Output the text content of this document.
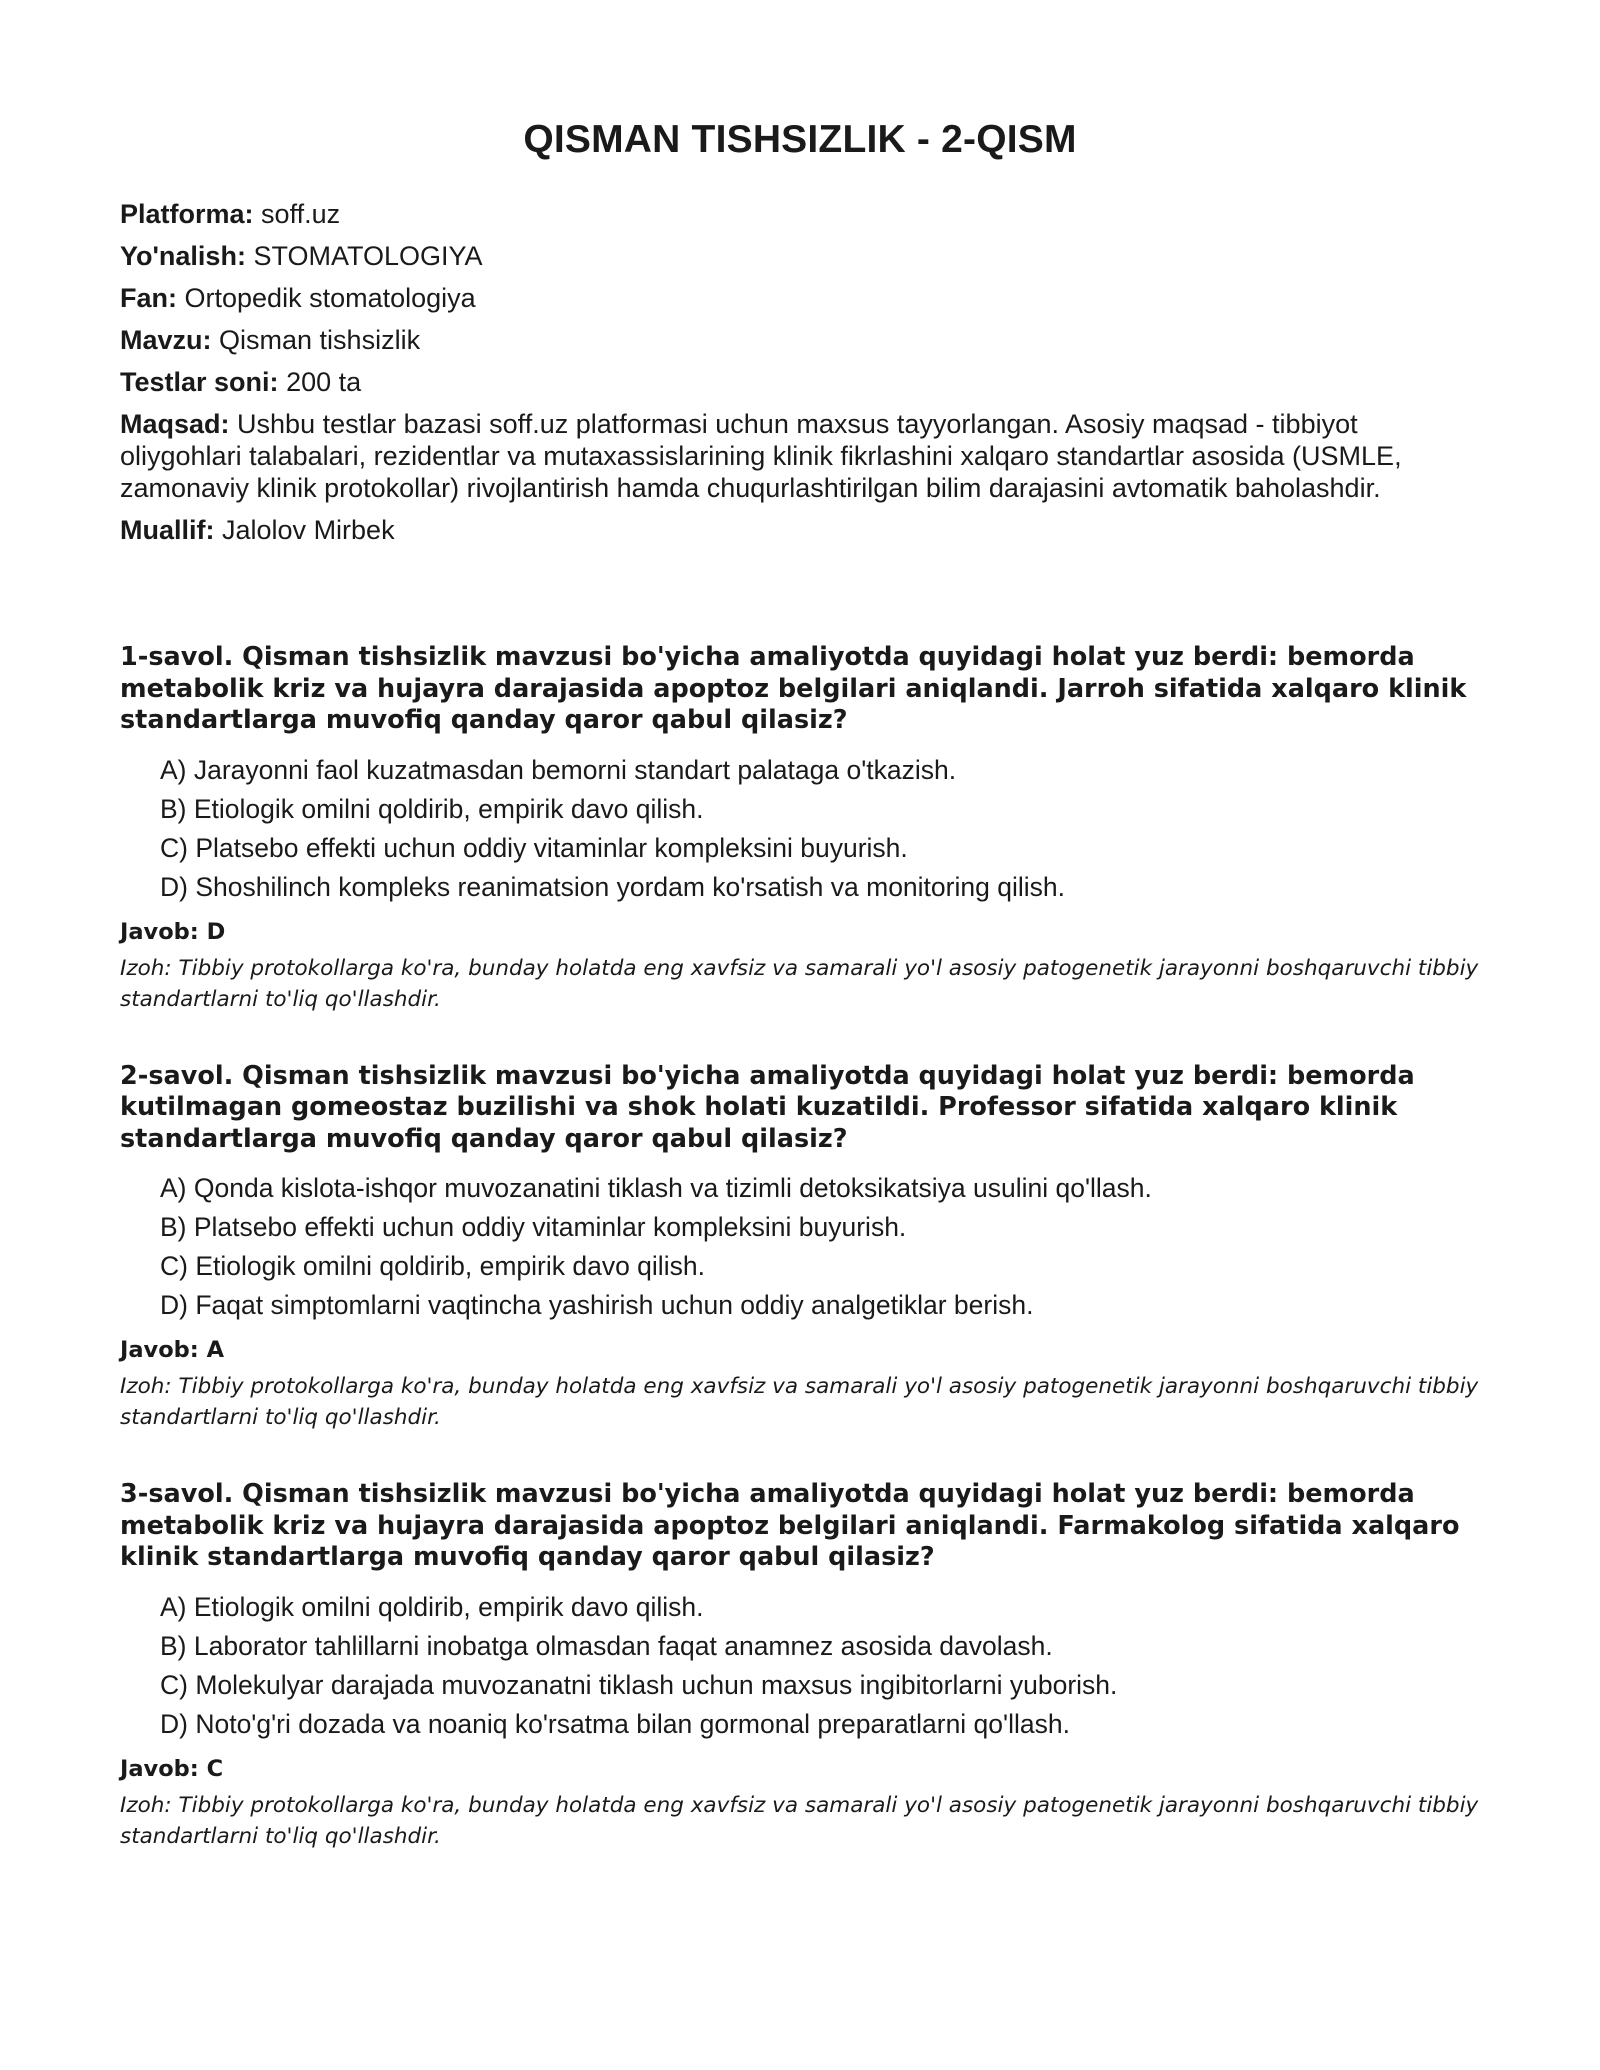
QISMAN TISHSIZLIK - 2-QISM

Platforma: soff.uz

Yo'nalish: STOMATOLOGIYA

Fan: Ortopedik stomatologiya

Mavzu: Qisman tishsizlik

Testlar soni: 200 ta

Maqsad: Ushbu testlar bazasi soff.uz platformasi uchun maxsus tayyorlangan. Asosiy maqsad - tibbiyot oliygohlari talabalari, rezidentlar va mutaxassislarining klinik fikrlashini xalqaro standartlar asosida (USMLE, zamonaviy klinik protokollar) rivojlantirish hamda chuqurlashtirilgan bilim darajasini avtomatik baholashdir.

Muallif: Jalolov Mirbek

1-savol. Qisman tishsizlik mavzusi bo'yicha amaliyotda quyidagi holat yuz berdi: bemorda metabolik kriz va hujayra darajasida apoptoz belgilari aniqlandi. Jarroh sifatida xalqaro klinik standartlarga muvofiq qanday qaror qabul qilasiz?

A) Jarayonni faol kuzatmasdan bemorni standart palataga o'tkazish.
B) Etiologik omilni qoldirib, empirik davo qilish.
C) Platsebo effekti uchun oddiy vitaminlar kompleksini buyurish.
D) Shoshilinch kompleks reanimatsion yordam ko'rsatish va monitoring qilish.

Javob: D

Izoh: Tibbiy protokollarga ko'ra, bunday holatda eng xavfsiz va samarali yo'l asosiy patogenetik jarayonni boshqaruvchi tibbiy standartlarni to'liq qo'llashdir.

2-savol. Qisman tishsizlik mavzusi bo'yicha amaliyotda quyidagi holat yuz berdi: bemorda kutilmagan gomeostaz buzilishi va shok holati kuzatildi. Professor sifatida xalqaro klinik standartlarga muvofiq qanday qaror qabul qilasiz?

A) Qonda kislota-ishqor muvozanatini tiklash va tizimli detoksikatsiya usulini qo'llash.
B) Platsebo effekti uchun oddiy vitaminlar kompleksini buyurish.
C) Etiologik omilni qoldirib, empirik davo qilish.
D) Faqat simptomlarni vaqtincha yashirish uchun oddiy analgetiklar berish.

Javob: A

Izoh: Tibbiy protokollarga ko'ra, bunday holatda eng xavfsiz va samarali yo'l asosiy patogenetik jarayonni boshqaruvchi tibbiy standartlarni to'liq qo'llashdir.

3-savol. Qisman tishsizlik mavzusi bo'yicha amaliyotda quyidagi holat yuz berdi: bemorda metabolik kriz va hujayra darajasida apoptoz belgilari aniqlandi. Farmakolog sifatida xalqaro klinik standartlarga muvofiq qanday qaror qabul qilasiz?

A) Etiologik omilni qoldirib, empirik davo qilish.
B) Laborator tahlillarni inobatga olmasdan faqat anamnez asosida davolash.
C) Molekulyar darajada muvozanatni tiklash uchun maxsus ingibitorlarni yuborish.
D) Noto'g'ri dozada va noaniq ko'rsatma bilan gormonal preparatlarni qo'llash.

Javob: C

Izoh: Tibbiy protokollarga ko'ra, bunday holatda eng xavfsiz va samarali yo'l asosiy patogenetik jarayonni boshqaruvchi tibbiy standartlarni to'liq qo'llashdir.
